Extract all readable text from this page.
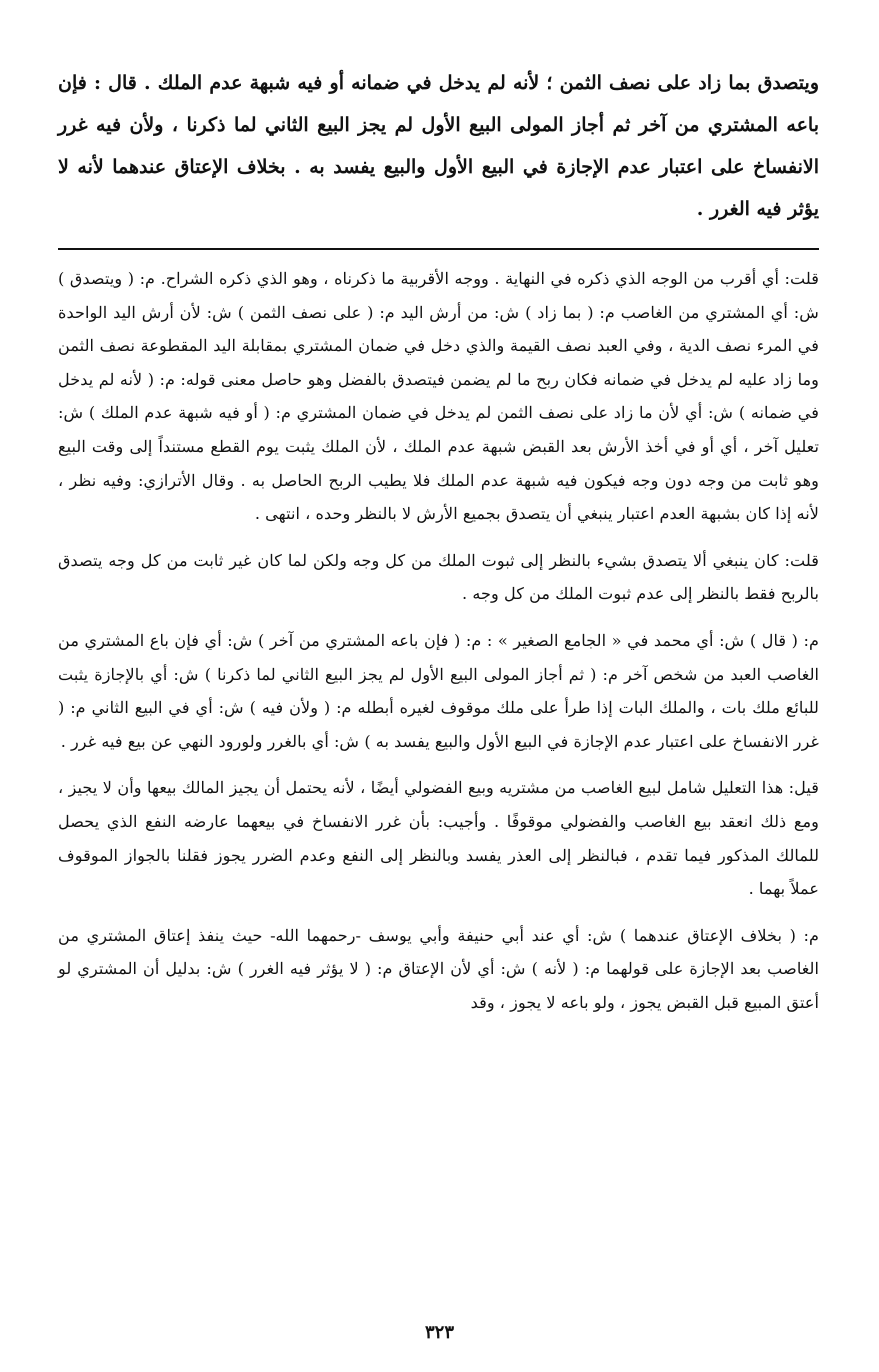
ويتصدق بما زاد على نصف الثمن ؛ لأنه لم يدخل في ضمانه أو فيه شبهة عدم الملك . قال : فإن باعه المشتري من آخر ثم أجاز المولى البيع الأول لم يجز البيع الثاني لما ذكرنا ، ولأن فيه غرر الانفساخ على اعتبار عدم الإجازة في البيع الأول والبيع يفسد به . بخلاف الإعتاق عندهما لأنه لا يؤثر فيه الغرر .

قلت: أي أقرب من الوجه الذي ذكره في النهاية . ووجه الأقربية ما ذكرناه ، وهو الذي ذكره الشراح. م: ( ويتصدق ) ش: أي المشتري من الغاصب م: ( بما زاد ) ش: من أرش اليد م: ( على نصف الثمن ) ش: لأن أرش اليد الواحدة في المرء نصف الدية ، وفي العبد نصف القيمة والذي دخل في ضمان المشتري بمقابلة اليد المقطوعة نصف الثمن وما زاد عليه لم يدخل في ضمانه فكان ربح ما لم يضمن فيتصدق بالفضل وهو حاصل معنى قوله: م: ( لأنه لم يدخل في ضمانه ) ش: أي لأن ما زاد على نصف الثمن لم يدخل في ضمان المشتري م: ( أو فيه شبهة عدم الملك ) ش: تعليل آخر ، أي أو في أخذ الأرش بعد القبض شبهة عدم الملك ، لأن الملك يثبت يوم القطع مستنداً إلى وقت البيع وهو ثابت من وجه دون وجه فيكون فيه شبهة عدم الملك فلا يطيب الربح الحاصل به . وقال الأترازي: وفيه نظر ، لأنه إذا كان بشبهة العدم اعتبار ينبغي أن يتصدق بجميع الأرش لا بالنظر وحده ، انتهى .

قلت: كان ينبغي ألا يتصدق بشيء بالنظر إلى ثبوت الملك من كل وجه ولكن لما كان غير ثابت من كل وجه يتصدق بالربح فقط بالنظر إلى عدم ثبوت الملك من كل وجه .

م: ( قال ) ش: أي محمد في « الجامع الصغير » : م: ( فإن باعه المشتري من آخر ) ش: أي فإن باع المشتري من الغاصب العبد من شخص آخر م: ( ثم أجاز المولى البيع الأول لم يجز البيع الثاني لما ذكرنا ) ش: أي بالإجازة يثبت للبائع ملك بات ، والملك البات إذا طرأ على ملك موقوف لغيره أبطله م: ( ولأن فيه ) ش: أي في البيع الثاني م: ( غرر الانفساخ على اعتبار عدم الإجازة في البيع الأول والبيع يفسد به ) ش: أي بالغرر ولورود النهي عن بيع فيه غرر .

قيل: هذا التعليل شامل لبيع الغاصب من مشتريه وبيع الفضولي أيضًا ، لأنه يحتمل أن يجيز المالك بيعها وأن لا يجيز ، ومع ذلك انعقد بيع الغاصب والفضولي موقوفًا . وأجيب: بأن غرر الانفساخ في بيعهما عارضه النفع الذي يحصل للمالك المذكور فيما تقدم ، فبالنظر إلى العذر يفسد وبالنظر إلى النفع وعدم الضرر يجوز فقلنا بالجواز الموقوف عملاً بهما .

م: ( بخلاف الإعتاق عندهما ) ش: أي عند أبي حنيفة وأبي يوسف -رحمهما الله- حيث ينفذ إعتاق المشتري من الغاصب بعد الإجازة على قولهما م: ( لأنه ) ش: أي لأن الإعتاق م: ( لا يؤثر فيه الغرر ) ش: بدليل أن المشتري لو أعتق المبيع قبل القبض يجوز ، ولو باعه لا يجوز ، وقد

٣٢٣
